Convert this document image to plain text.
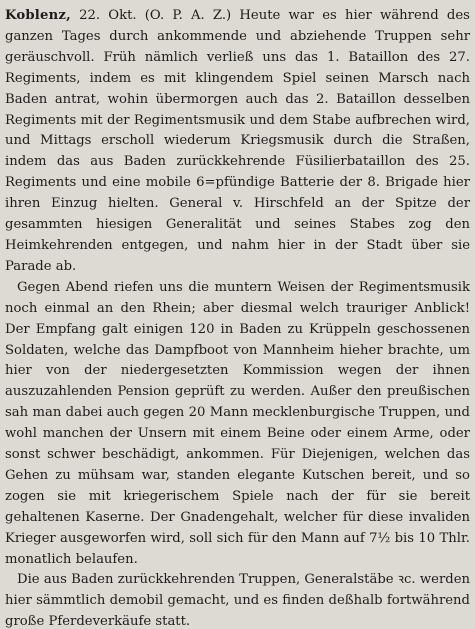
Koblenz, 22. Okt. (O. P. A. Z.) Heute war es hier während des ganzen Tages durch ankommende und abziehende Truppen sehr geräuschvoll. Früh nämlich verließ uns das 1. Bataillon des 27. Regiments, indem es mit klingendem Spiel seinen Marsch nach Baden antrat, wohin übermorgen auch das 2. Bataillon desselben Regiments mit der Regimentsmusik und dem Stabe aufbrechen wird, und Mittags erscholl wiederum Kriegsmusik durch die Straßen, indem das aus Baden zurückkehrende Füsilierbataillon des 25. Regiments und eine mobile 6=pfündige Batterie der 8. Brigade hier ihren Einzug hielten. General v. Hirschfeld an der Spitze der gesammten hiesigen Generalität und seines Stabes zog den Heimkehrenden entgegen, und nahm hier in der Stadt über sie Parade ab.

Gegen Abend riefen uns die muntern Weisen der Regimentsmusik noch einmal an den Rhein; aber diesmal welch trauriger Anblick! Der Empfang galt einigen 120 in Baden zu Krüppeln geschossenen Soldaten, welche das Dampfboot von Mannheim hieher brachte, um hier von der niedergesetzten Kommission wegen der ihnen auszuzahlenden Pension geprüft zu werden. Außer den preußischen sah man dabei auch gegen 20 Mann mecklenburgische Truppen, und wohl manchen der Unsern mit einem Beine oder einem Arme, oder sonst schwer beschädigt, ankommen. Für Diejenigen, welchen das Gehen zu mühsam war, standen elegante Kutschen bereit, und so zogen sie mit kriegerischem Spiele nach der für sie bereit gehaltenen Kaserne. Der Gnadengehalt, welcher für diese invaliden Krieger ausgeworfen wird, soll sich für den Mann auf 7½ bis 10 Thlr. monatlich belaufen.

Die aus Baden zurückkehrenden Truppen, Generalstäbe ꝛc. werden hier sämmtlich demobil gemacht, und es finden deßhalb fortwährend große Pferdeverkäufe statt.
